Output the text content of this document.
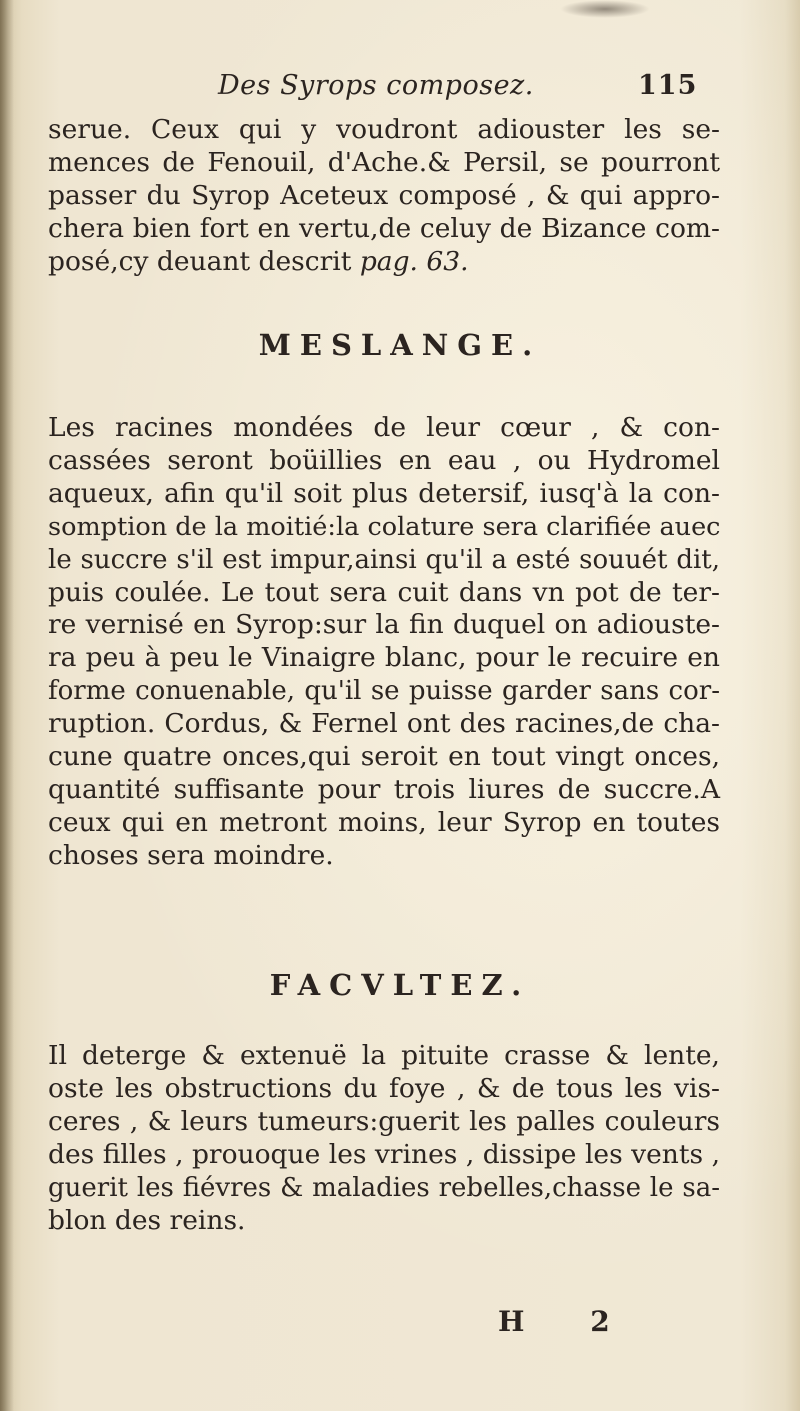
Des Syrops composez.	115
serue. Ceux qui y voudront adiouster les se-
mences de Fenouil, d'Ache.& Persil, se pourront
passer du Syrop Aceteux composé , & qui appro-
chera bien fort en vertu,de celuy de Bizance com-
posé,cy deuant descrit pag. 63.
MESLANGE.
Les racines mondées de leur cœur , & con-
cassées seront boüillies en eau , ou Hydromel
aqueux, afin qu'il soit plus detersif, iusq'à la con-
somption de la moitié:la colature sera clarifiée auec
le succre s'il est impur,ainsi qu'il a esté souuét dit,
puis coulée. Le tout sera cuit dans vn pot de ter-
re vernisé en Syrop:sur la fin duquel on adiouste-
ra peu à peu le Vinaigre blanc, pour le recuire en
forme conuenable, qu'il se puisse garder sans cor-
ruption. Cordus, & Fernel ont des racines,de cha-
cune quatre onces,qui seroit en tout vingt onces,
quantité suffisante pour trois liures de succre.A
ceux qui en metront moins, leur Syrop en toutes
choses sera moindre.
FACVLTEZ.
Il deterge & extenuë la pituite crasse & lente,
oste les obstructions du foye , & de tous les vis-
ceres , & leurs tumeurs:guerit les palles couleurs
des filles , prouoque les vrines , dissipe les vents ,
guerit les fiévres & maladies rebelles,chasse le sa-
blon des reins.
H 2
